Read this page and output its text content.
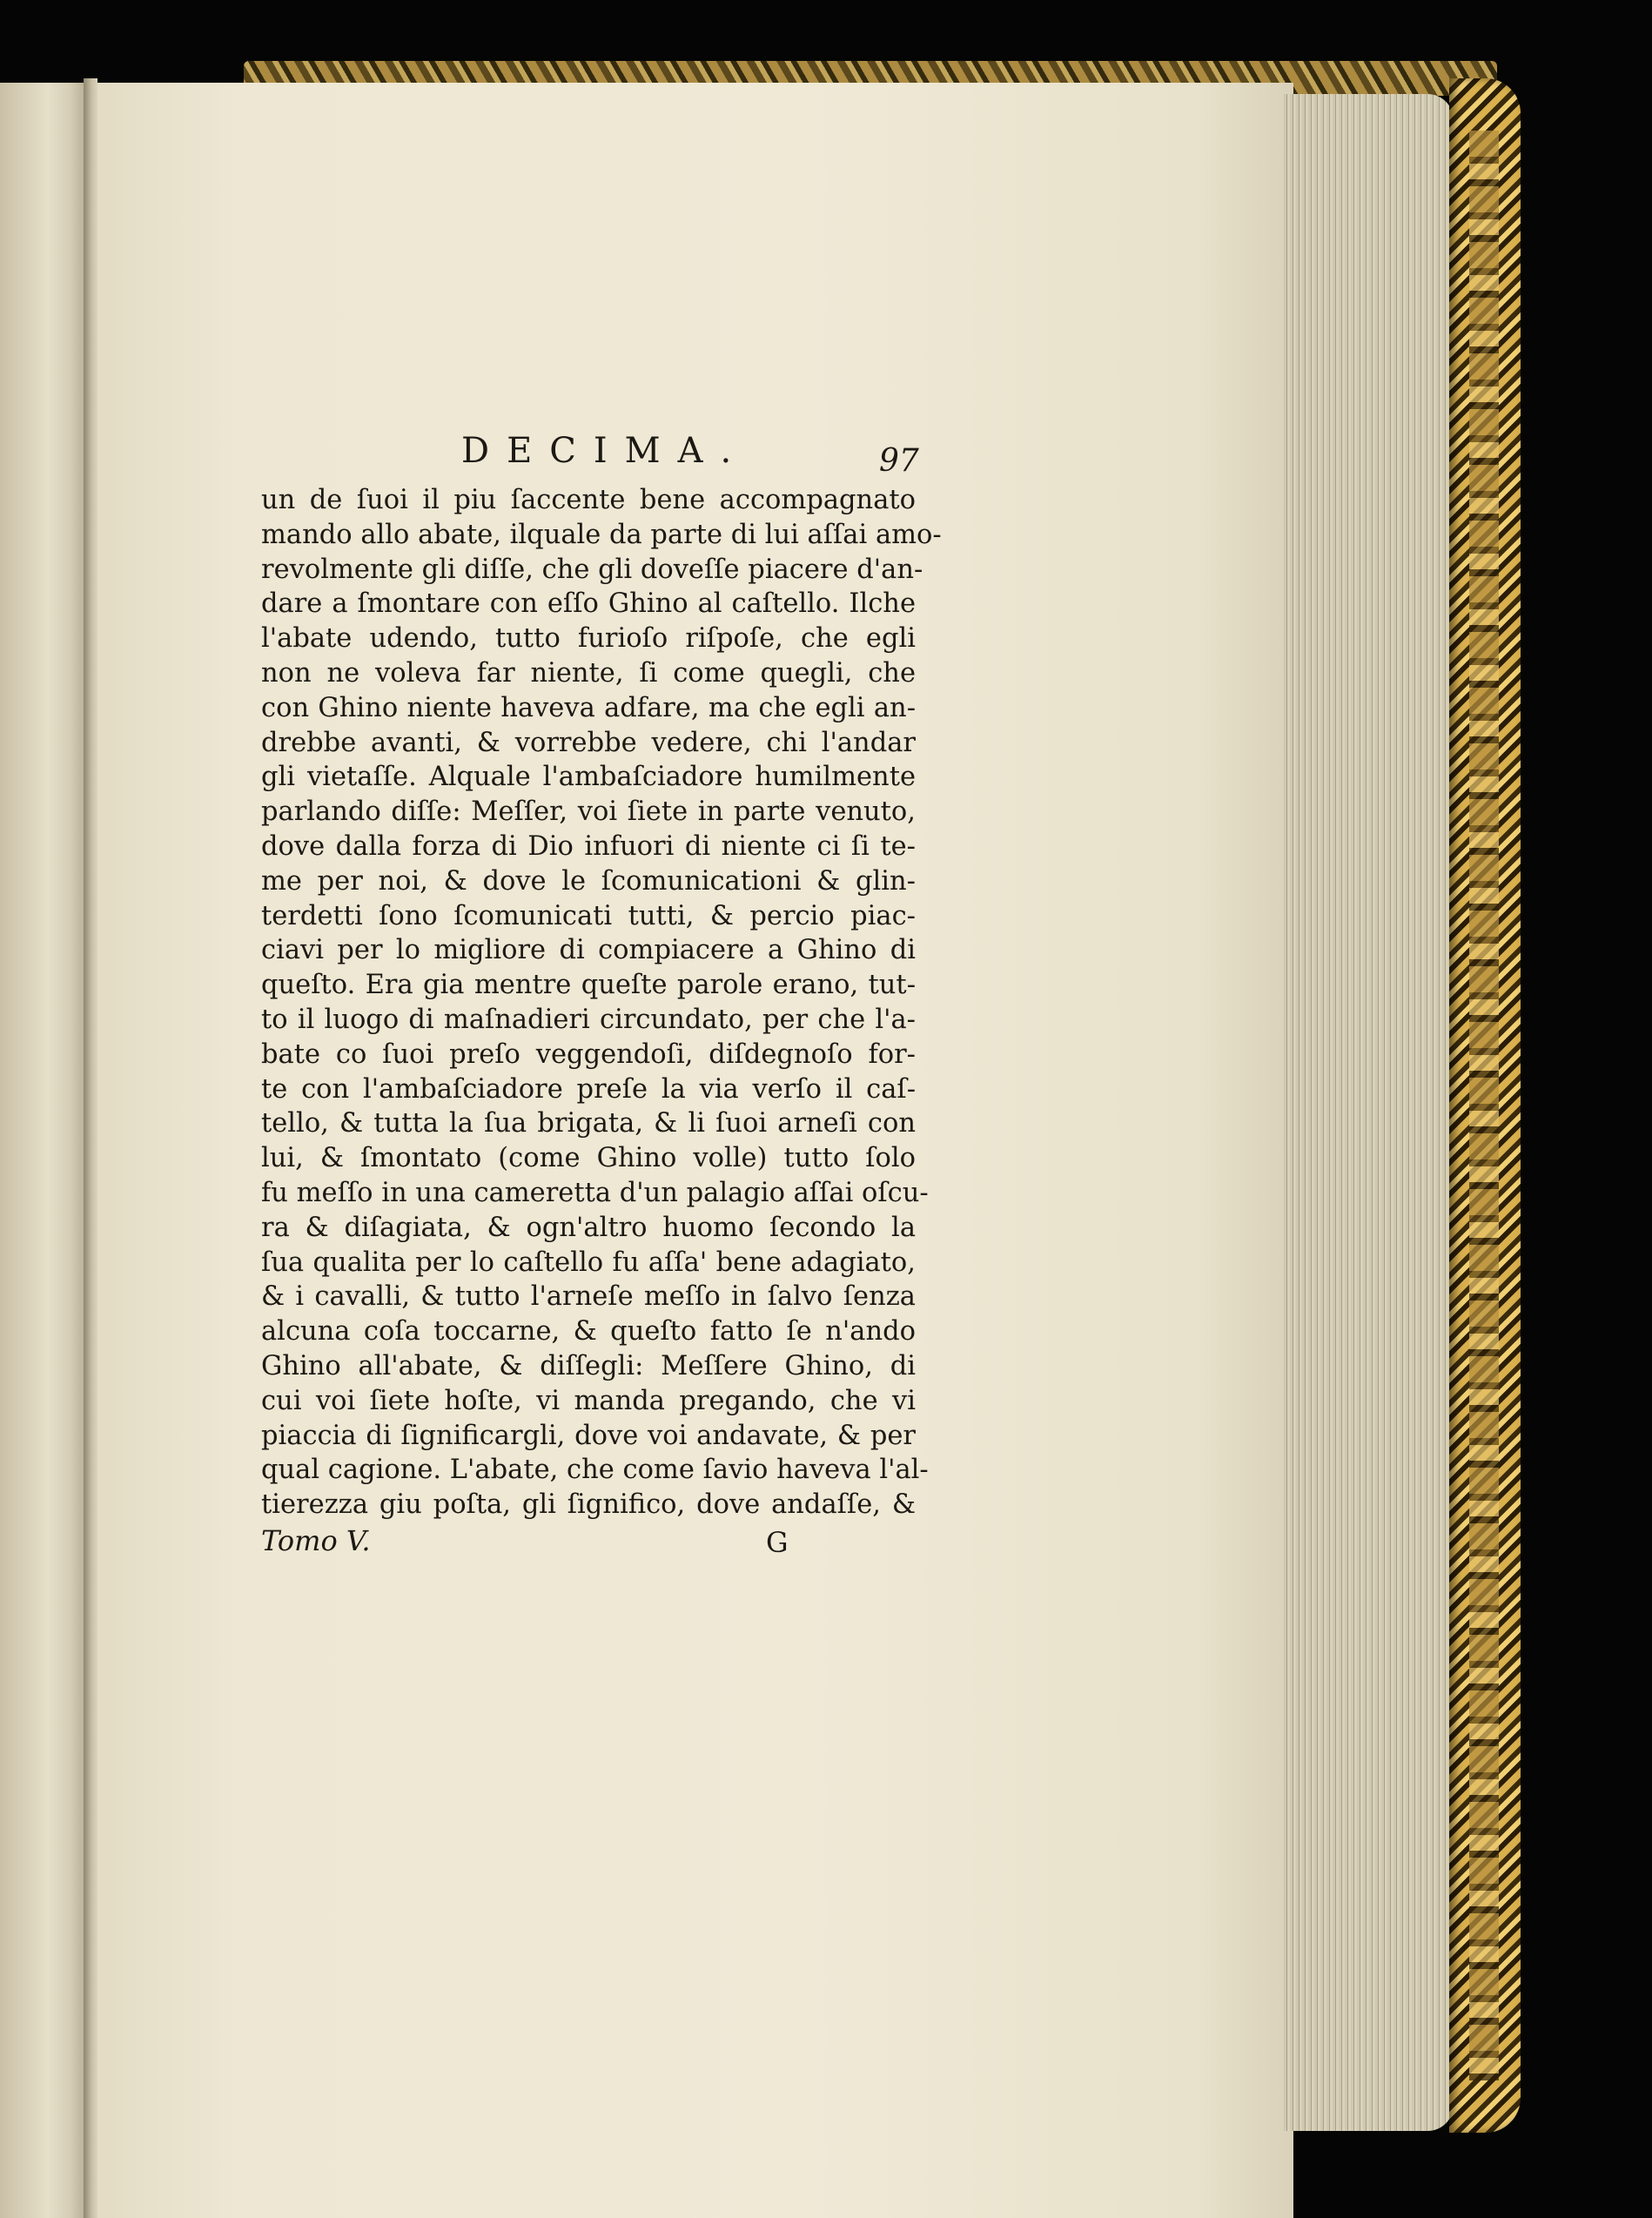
DECIMA.	97
un de ſuoi il piu ſaccente bene accompagnato
mando allo abate, ilquale da parte di lui aſſai amo-
revolmente gli diſſe, che gli doveſſe piacere d'an-
dare a ſmontare con eſſo Ghino al caſtello. Ilche
l'abate udendo, tutto furioſo riſpoſe, che egli
non ne voleva far niente, ſi come quegli, che
con Ghino niente haveva adfare, ma che egli an-
drebbe avanti, & vorrebbe vedere, chi l'andar
gli vietaſſe. Alquale l'ambaſciadore humilmente
parlando diſſe: Meſſer, voi ſiete in parte venuto,
dove dalla forza di Dio infuori di niente ci ſi te-
me per noi, & dove le ſcomunicationi & glin-
terdetti ſono ſcomunicati tutti, & percio piac-
ciavi per lo migliore di compiacere a Ghino di
queſto. Era gia mentre queſte parole erano, tut-
to il luogo di maſnadieri circundato, per che l'a-
bate co ſuoi preſo veggendoſi, diſdegnoſo for-
te con l'ambaſciadore preſe la via verſo il caſ-
tello, & tutta la ſua brigata, & li ſuoi arneſi con
lui, & ſmontato (come Ghino volle) tutto ſolo
fu meſſo in una cameretta d'un palagio aſſai oſcu-
ra & diſagiata, & ogn'altro huomo ſecondo la
ſua qualita per lo caſtello fu aſſa' bene adagiato,
& i cavalli, & tutto l'arneſe meſſo in ſalvo ſenza
alcuna coſa toccarne, & queſto fatto ſe n'ando
Ghino all'abate, & diſſegli: Meſſere Ghino, di
cui voi ſiete hoſte, vi manda pregando, che vi
piaccia di ſignificargli, dove voi andavate, & per
qual cagione. L'abate, che come ſavio haveva l'al-
tierezza giu poſta, gli ſignifico, dove andaſſe, &
Tomo V.	G
